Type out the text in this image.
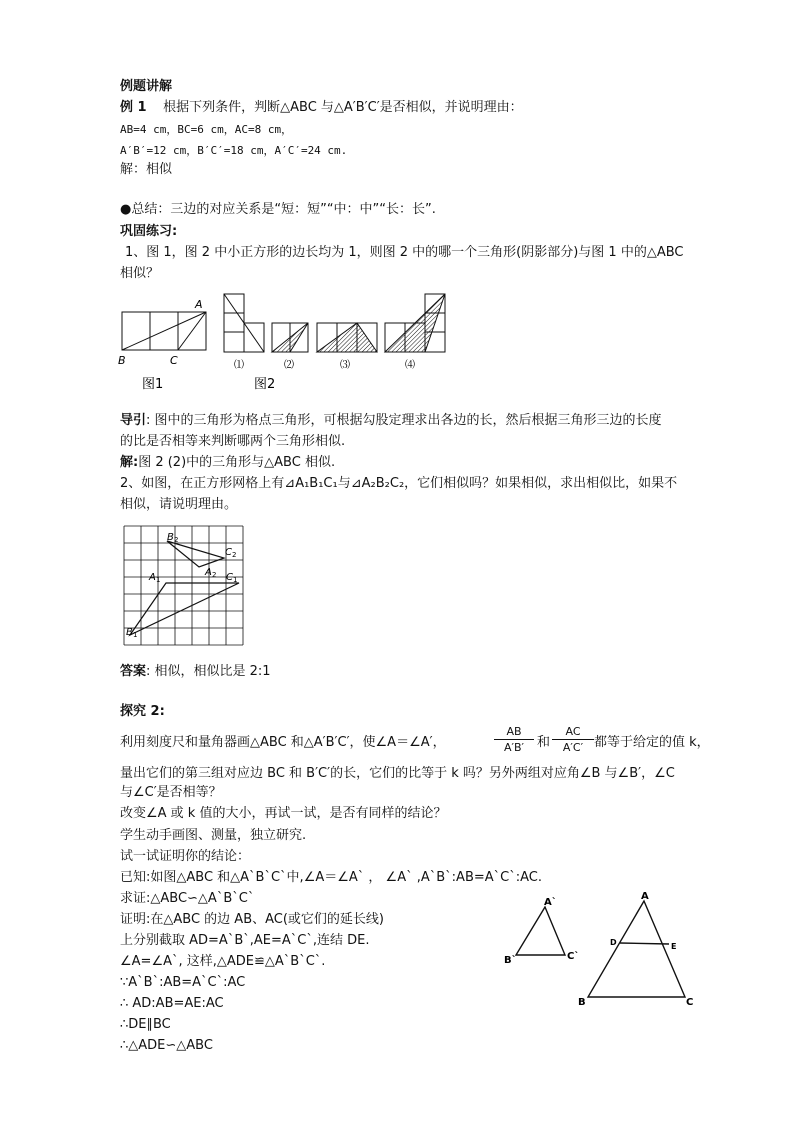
例题讲解
例 1 根据下列条件，判断△ABC 与△A′B′C′是否相似，并说明理由：
AB=4 cm，BC=6 cm，AC=8 cm，
A′B′=12 cm，B′C′=18 cm，A′C′=24 cm.
解：相似
●总结：三边的对应关系是“短：短”“中：中”“长：长”.
巩固练习:
1、图 1，图 2 中小正方形的边长均为 1，则图 2 中的哪一个三角形(阴影部分)与图 1 中的△ABC
相似？
A
B	C
图1
⑴	⑵	⑶	⑷
图2
导引: 图中的三角形为格点三角形，可根据勾股定理求出各边的长，然后根据三角形三边的长度
的比是否相等来判断哪两个三角形相似.
解:图 2 (2)中的三角形与△ABC 相似.
2、如图，在正方形网格上有⊿A₁B₁C₁与⊿A₂B₂C₂，它们相似吗？如果相似，求出相似比，如果不
相似，请说明理由。
B 2
C 2
A 1
A 2 C 1
B 1
答案: 相似，相似比是 2:1
探究 2:
利用刻度尺和量角器画△ABC 和△A′B′C′，使∠A＝∠A′，	$\frac{AB}{A'B'}$ 和 $\frac{AC}{A'C'}$ 都等于给定的值 k，
量出它们的第三组对应边 BC 和 B′C′的长，它们的比等于 k 吗？另外两组对应角∠B 与∠B′，∠C
与∠C′是否相等？
改变∠A 或 k 值的大小，再试一试，是否有同样的结论？
学生动手画图、测量，独立研究.
试一试证明你的结论：
已知:如图△ABC 和△A`B`C`中,∠A＝∠A` ， ∠A` ,A`B`:AB=A`C`:AC.
求证:△ABC∽△A`B`C`
证明:在△ABC 的边 AB、AC(或它们的延长线)
上分别截取 AD=A`B`,AE=A`C`,连结 DE.
∠A=∠A`, 这样,△ADE≌△A`B`C`.
∵A`B`:AB=A`C`:AC
∴ AD:AB=AE:AC
∴DE∥BC
∴△ADE∽△ABC
A`
B`	C`
A
B	C
D	E
